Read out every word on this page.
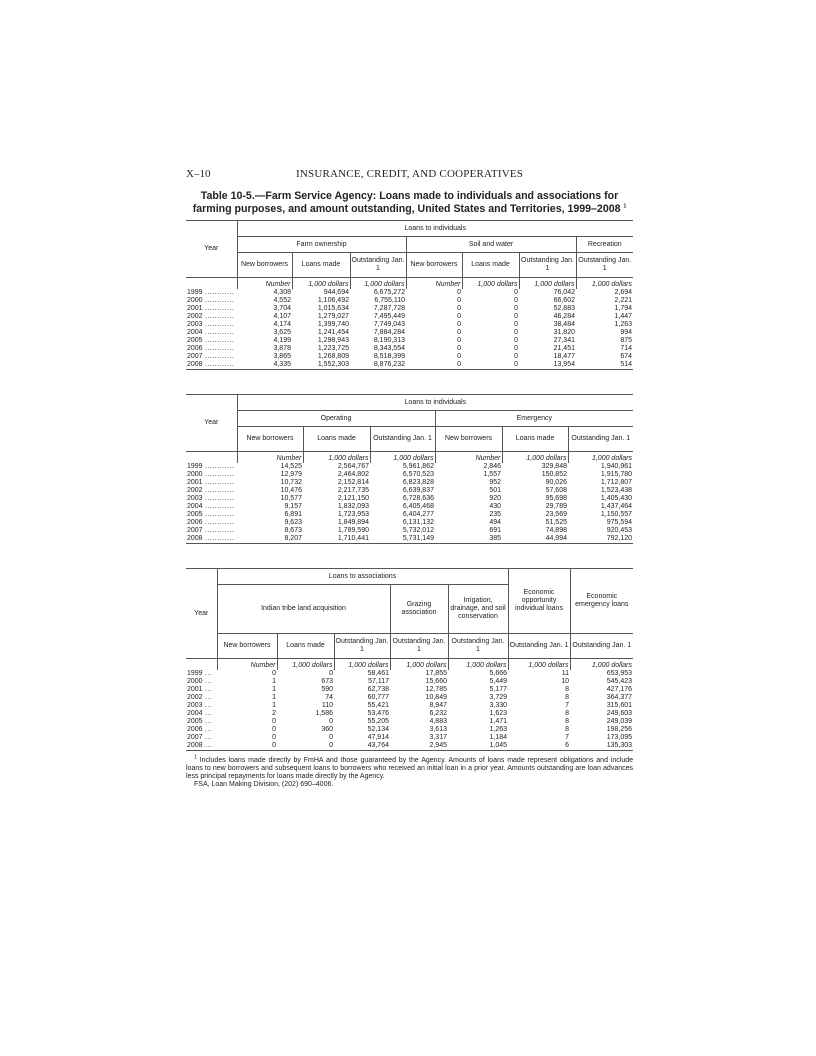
X–10	INSURANCE, CREDIT, AND COOPERATIVES
Table 10-5.—Farm Service Agency: Loans made to individuals and associations for
farming purposes, and amount outstanding, United States and Territories, 1999–2008 $^1$
Year	Loans to individuals						
	Farm ownership			Soil and water			Recreation
	New borrowers	Loans made	Outstanding Jan. 1	New borrowers	Loans made	Outstanding Jan. 1	Outstanding Jan. 1
	Number	1,000 dollars	1,000 dollars	Number	1,000 dollars	1,000 dollars	1,000 dollars
1999 ............	4,308	944,694	6,675,272	0	0	76,042	2,694
2000 ............	4,552	1,106,492	6,755,110	0	0	66,602	2,221
2001 ............	3,704	1,015,634	7,287,728	0	0	52,883	1,794
2002 ............	4,107	1,279,027	7,495,449	0	0	46,284	1,447
2003 ............	4,174	1,399,740	7,749,043	0	0	38,484	1,263
2004 ............	3,625	1,241,454	7,884,284	0	0	31,820	994
2005 ............	4,199	1,298,943	8,190,313	0	0	27,341	875
2006 ............	3,878	1,223,725	8,343,554	0	0	21,451	714
2007 ............	3,865	1,268,809	8,518,399	0	0	18,477	674
2008 ............	4,335	1,552,303	8,876,232	0	0	13,954	514
Year	Loans to individuals					
	Operating			Emergency		
	New borrowers	Loans made	Outstanding Jan. 1	New borrowers	Loans made	Outstanding Jan. 1
	Number	1,000 dollars	1,000 dollars	Number	1,000 dollars	1,000 dollars
1999 ............	14,525	2,564,767	5,961,862	2,846	329,848	1,940,961
2000 ............	12,979	2,464,802	6,570,523	1,557	150,852	1,915,780
2001 ............	10,732	2,152,814	6,823,828	952	90,026	1,712,807
2002 ............	10,476	2,217,735	6,639,837	501	57,608	1,523,438
2003 ............	10,577	2,121,150	6,728,636	920	95,698	1,405,430
2004 ............	9,157	1,832,093	6,405,468	430	29,789	1,437,464
2005 ............	6,891	1,723,953	6,404,277	235	23,569	1,150,557
2006 ............	9,623	1,849,894	6,131,132	494	51,525	975,594
2007 ............	8,673	1,789,590	5,732,012	691	74,898	920,453
2008 ............	8,207	1,710,441	5,731,149	385	44,994	792,120
Year	Loans to associations					Economic opportunity individual loans	Economic emergency loans
	Indian tribe land acquisition			Grazing association	Irrigation, drainage, and soil conservation		
	New borrowers	Loans made	Outstanding Jan. 1	Outstanding Jan. 1	Outstanding Jan. 1	Outstanding Jan. 1	Outstanding Jan. 1
	Number	1,000 dollars	1,000 dollars	1,000 dollars	1,000 dollars	1,000 dollars	1,000 dollars
1999 ...	0	0	58,461	17,855	5,666	11	653,953
2000 ...	1	673	57,117	15,660	5,449	10	545,423
2001 ...	1	590	62,738	12,785	5,177	8	427,176
2002 ...	1	74	60,777	10,849	3,729	8	364,377
2003 ...	1	110	55,421	8,947	3,330	7	315,601
2004 ...	2	1,586	53,476	6,232	1,623	8	249,603
2005 ...	0	0	55,205	4,883	1,471	8	249,039
2006 ...	0	360	52,134	3,613	1,263	8	198,256
2007 ...	0	0	47,914	3,317	1,184	7	173,095
2008 ...	0	0	43,764	2,945	1,045	6	135,303

$^1$ Includes loans made directly by FmHA and those guaranteed by the Agency. Amounts of loans made represent obligations and include loans to new borrowers and subsequent loans to borrowers who received an initial loan in a prior year. Amounts outstanding are loan advances less principal repayments for loans made directly by the Agency.

FSA, Loan Making Division, (202) 690–4006.
